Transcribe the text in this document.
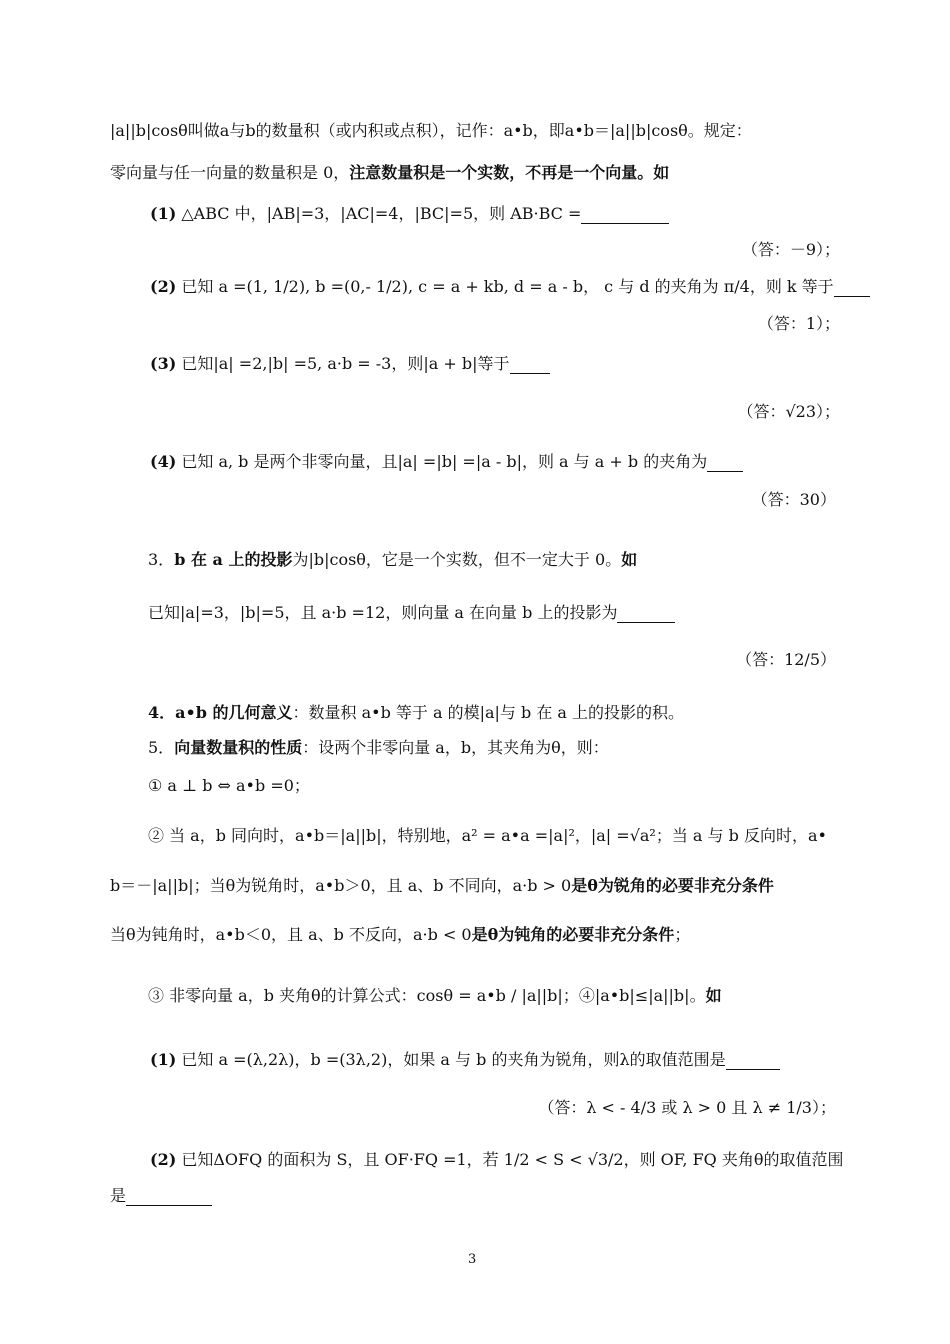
|a||b|cosθ叫做a与b的数量积（或内积或点积），记作：a•b，即a•b＝|a||b|cosθ。规定：
零向量与任一向量的数量积是 0，注意数量积是一个实数，不再是一个向量。如
(1) △ABC 中，|AB|=3，|AC|=4，|BC|=5，则 AB·BC =
（答：－9）；
(2) 已知 a =(1, 1/2), b =(0,- 1/2), c = a + kb, d = a - b， c 与 d 的夹角为 π/4，则 k 等于
（答：1）；
(3) 已知|a| =2,|b| =5, a·b = -3，则|a + b|等于
（答：√23）；
(4) 已知 a, b 是两个非零向量，且|a| =|b| =|a - b|，则 a 与 a + b 的夹角为
（答：30）
3．b 在 a 上的投影为|b|cosθ，它是一个实数，但不一定大于 0。如
已知|a|=3，|b|=5，且 a·b =12，则向量 a 在向量 b 上的投影为
（答：12/5）
4．a•b 的几何意义：数量积 a•b 等于 a 的模|a|与 b 在 a 上的投影的积。
5．向量数量积的性质：设两个非零向量 a，b，其夹角为θ，则：
① a ⊥ b ⇔ a•b =0；
② 当 a，b 同向时，a•b＝|a||b|，特别地，a² = a•a =|a|²，|a| =√a²；当 a 与 b 反向时，a•
b＝－|a||b|；当θ为锐角时，a•b＞0，且 a、b 不同向，a·b > 0是θ为锐角的必要非充分条件
当θ为钝角时，a•b＜0，且 a、b 不反向，a·b < 0是θ为钝角的必要非充分条件；
③ 非零向量 a，b 夹角θ的计算公式：cosθ = a•b / |a||b|；④|a•b|≤|a||b|。如
(1) 已知 a =(λ,2λ)，b =(3λ,2)，如果 a 与 b 的夹角为锐角，则λ的取值范围是
（答：λ < - 4/3 或 λ > 0 且 λ ≠ 1/3）；
(2) 已知ΔOFQ 的面积为 S，且 OF·FQ =1，若 1/2 < S < √3/2，则 OF, FQ 夹角θ的取值范围
是
3
